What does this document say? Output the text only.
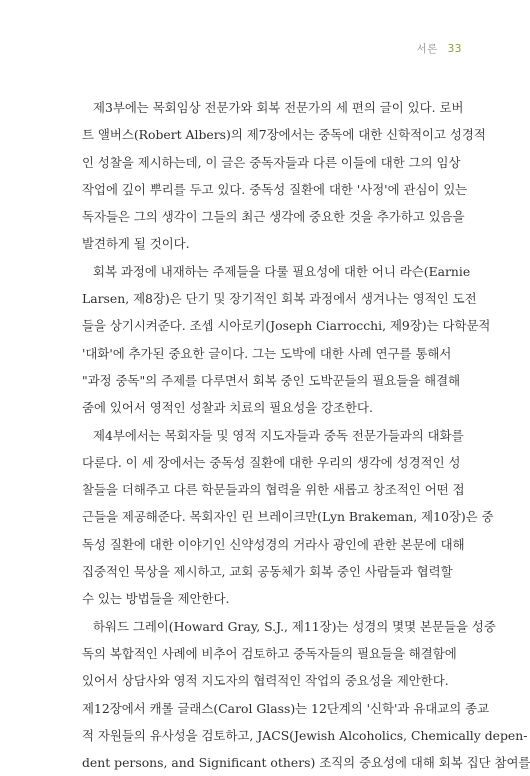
서론 33
제3부에는 목회임상 전문가와 회복 전문가의 세 편의 글이 있다. 로버
트 앨버스(Robert Albers)의 제7장에서는 중독에 대한 신학적이고 성경적
인 성찰을 제시하는데, 이 글은 중독자들과 다른 이들에 대한 그의 임상
작업에 깊이 뿌리를 두고 있다. 중독성 질환에 대한 '사정'에 관심이 있는
독자들은 그의 생각이 그들의 최근 생각에 중요한 것을 추가하고 있음을
발견하게 될 것이다.
회복 과정에 내재하는 주제들을 다룰 필요성에 대한 어니 라슨(Earnie
Larsen, 제8장)은 단기 및 장기적인 회복 과정에서 생겨나는 영적인 도전
들을 상기시켜준다. 조셉 시아로키(Joseph Ciarrocchi, 제9장)는 다학문적
'대화'에 추가된 중요한 글이다. 그는 도박에 대한 사례 연구를 통해서
"과정 중독"의 주제를 다루면서 회복 중인 도박꾼들의 필요들을 해결해
줌에 있어서 영적인 성찰과 치료의 필요성을 강조한다.
제4부에서는 목회자들 및 영적 지도자들과 중독 전문가들과의 대화를
다룬다. 이 세 장에서는 중독성 질환에 대한 우리의 생각에 성경적인 성
찰들을 더해주고 다른 학문들과의 협력을 위한 새롭고 창조적인 어떤 접
근들을 제공해준다. 목회자인 린 브레이크만(Lyn Brakeman, 제10장)은 중
독성 질환에 대한 이야기인 신약성경의 거라사 광인에 관한 본문에 대해
집중적인 묵상을 제시하고, 교회 공동체가 회복 중인 사람들과 협력할
수 있는 방법들을 제안한다.
하워드 그레이(Howard Gray, S.J., 제11장)는 성경의 몇몇 본문들을 성중
독의 복합적인 사례에 비추어 검토하고 중독자들의 필요들을 해결함에
있어서 상담사와 영적 지도자의 협력적인 작업의 중요성을 제안한다.
제12장에서 캐롤 글래스(Carol Glass)는 12단계의 '신학'과 유대교의 종교
적 자원들의 유사성을 검토하고, JACS(Jewish Alcoholics, Chemically depen-
dent persons, and Significant others) 조직의 중요성에 대해 회복 집단 참여를
